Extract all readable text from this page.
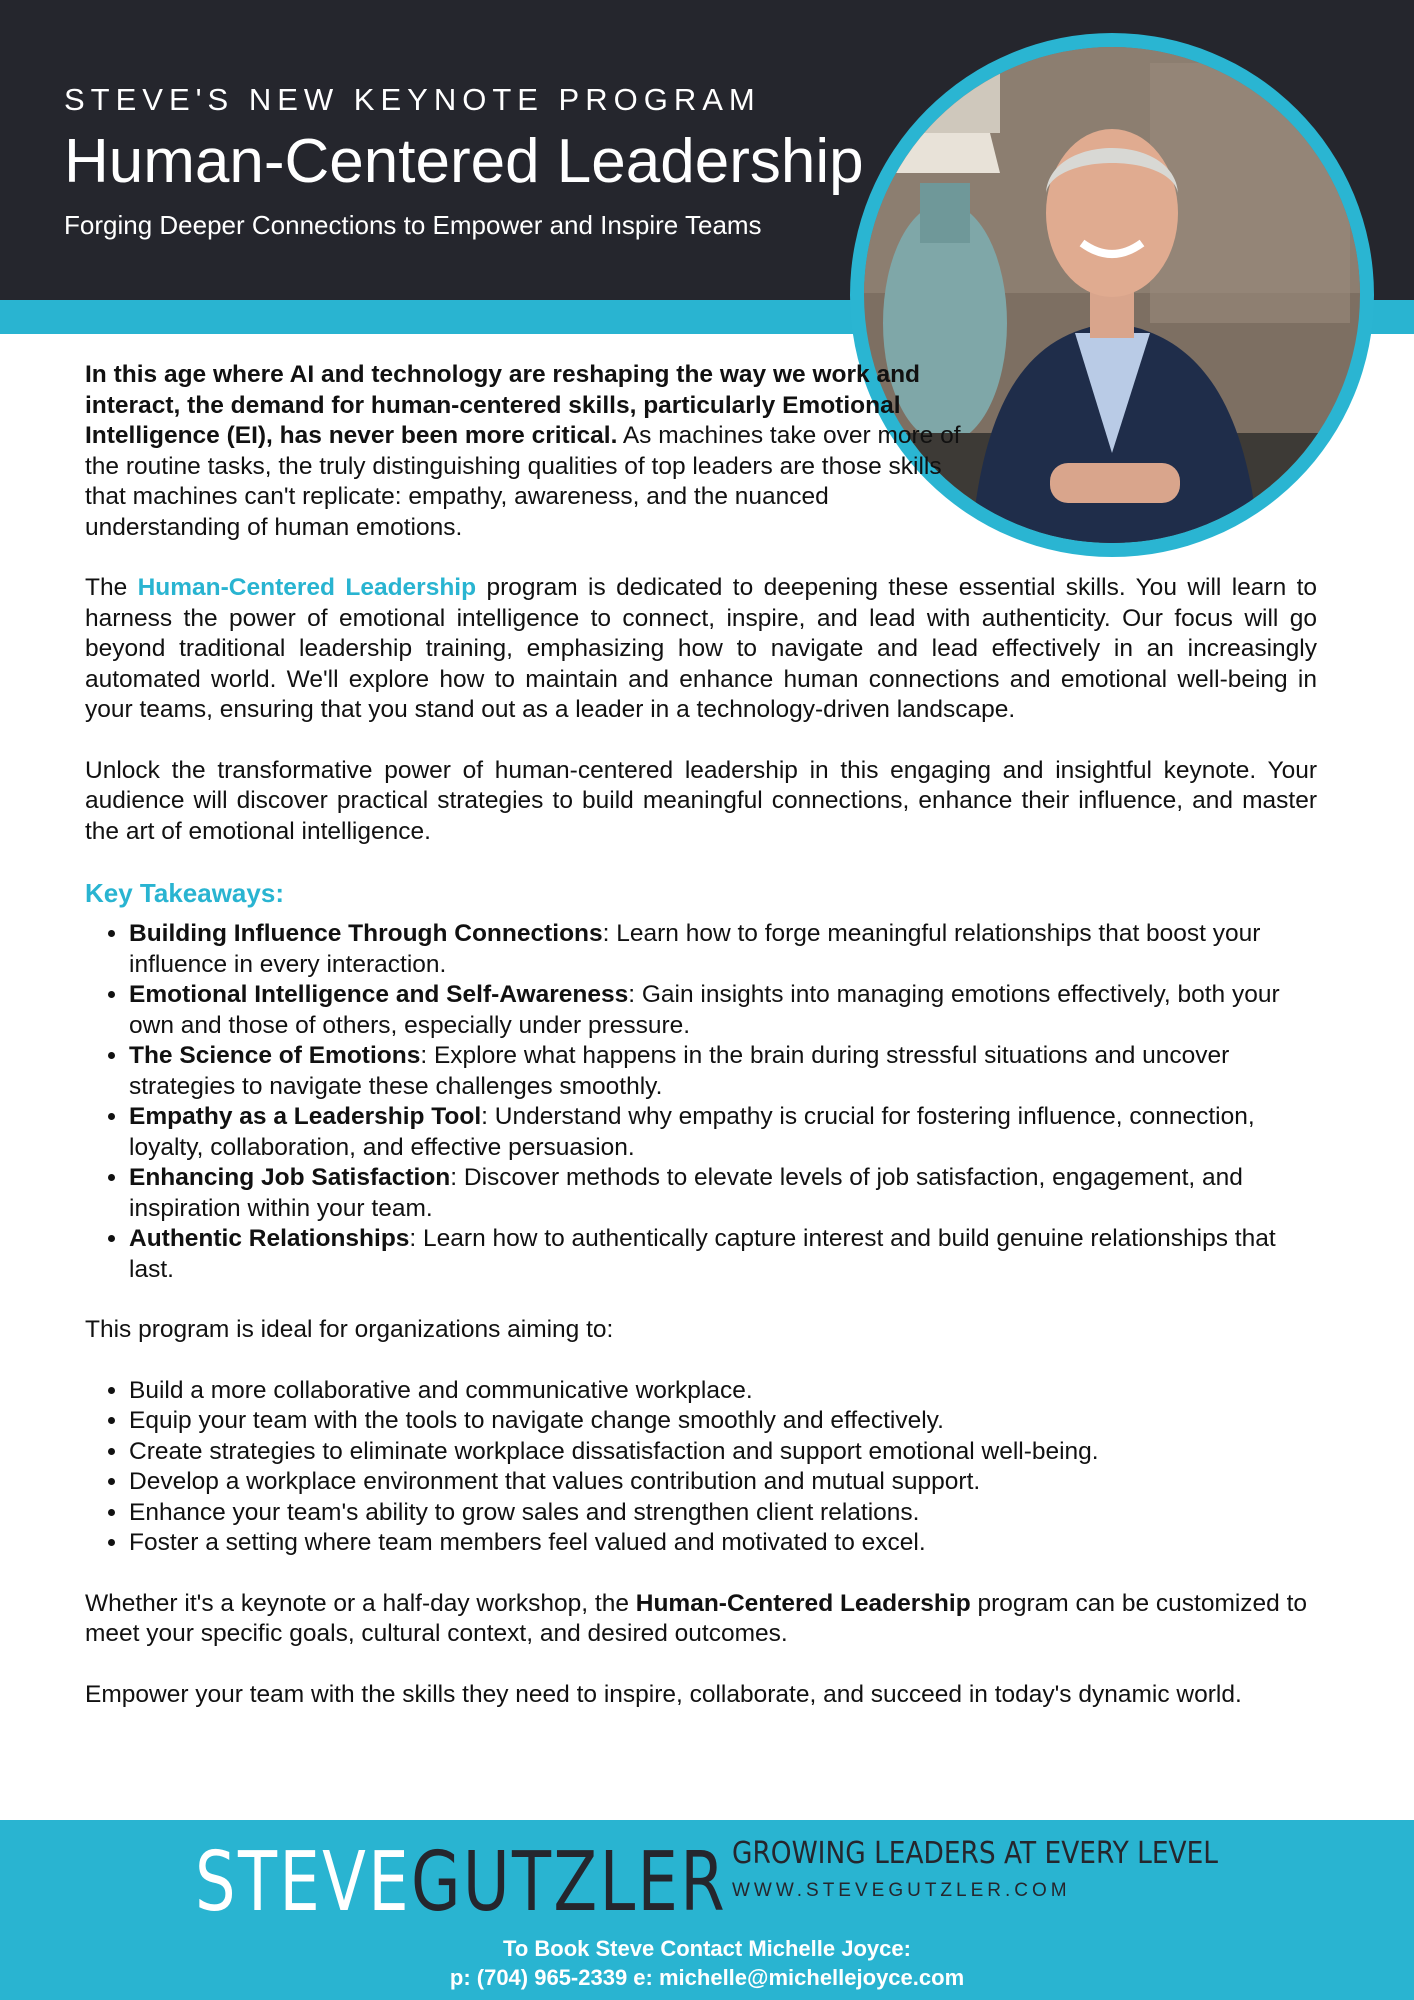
STEVE'S NEW KEYNOTE PROGRAM
Human-Centered Leadership
Forging Deeper Connections to Empower and Inspire Teams

In this age where AI and technology are reshaping the way we work and interact, the demand for human-centered skills, particularly Emotional Intelligence (EI), has never been more critical. As machines take over more of the routine tasks, the truly distinguishing qualities of top leaders are those skills that machines can't replicate: empathy, awareness, and the nuanced understanding of human emotions.

The Human-Centered Leadership program is dedicated to deepening these essential skills. You will learn to harness the power of emotional intelligence to connect, inspire, and lead with authenticity. Our focus will go beyond traditional leadership training, emphasizing how to navigate and lead effectively in an increasingly automated world. We'll explore how to maintain and enhance human connections and emotional well-being in your teams, ensuring that you stand out as a leader in a technology-driven landscape.

Unlock the transformative power of human-centered leadership in this engaging and insightful keynote. Your audience will discover practical strategies to build meaningful connections, enhance their influence, and master the art of emotional intelligence.

Key Takeaways:
• Building Influence Through Connections: Learn how to forge meaningful relationships that boost your influence in every interaction.
• Emotional Intelligence and Self-Awareness: Gain insights into managing emotions effectively, both your own and those of others, especially under pressure.
• The Science of Emotions: Explore what happens in the brain during stressful situations and uncover strategies to navigate these challenges smoothly.
• Empathy as a Leadership Tool: Understand why empathy is crucial for fostering influence, connection, loyalty, collaboration, and effective persuasion.
• Enhancing Job Satisfaction: Discover methods to elevate levels of job satisfaction, engagement, and inspiration within your team.
• Authentic Relationships: Learn how to authentically capture interest and build genuine relationships that last.

This program is ideal for organizations aiming to:

• Build a more collaborative and communicative workplace.
• Equip your team with the tools to navigate change smoothly and effectively.
• Create strategies to eliminate workplace dissatisfaction and support emotional well-being.
• Develop a workplace environment that values contribution and mutual support.
• Enhance your team's ability to grow sales and strengthen client relations.
• Foster a setting where team members feel valued and motivated to excel.

Whether it's a keynote or a half-day workshop, the Human-Centered Leadership program can be customized to meet your specific goals, cultural context, and desired outcomes.

Empower your team with the skills they need to inspire, collaborate, and succeed in today's dynamic world.

STEVEGUTZLER GROWING LEADERS AT EVERY LEVEL
WWW.STEVEGUTZLER.COM
To Book Steve Contact Michelle Joyce:
p: (704) 965-2339 e: michelle@michellejoyce.com
